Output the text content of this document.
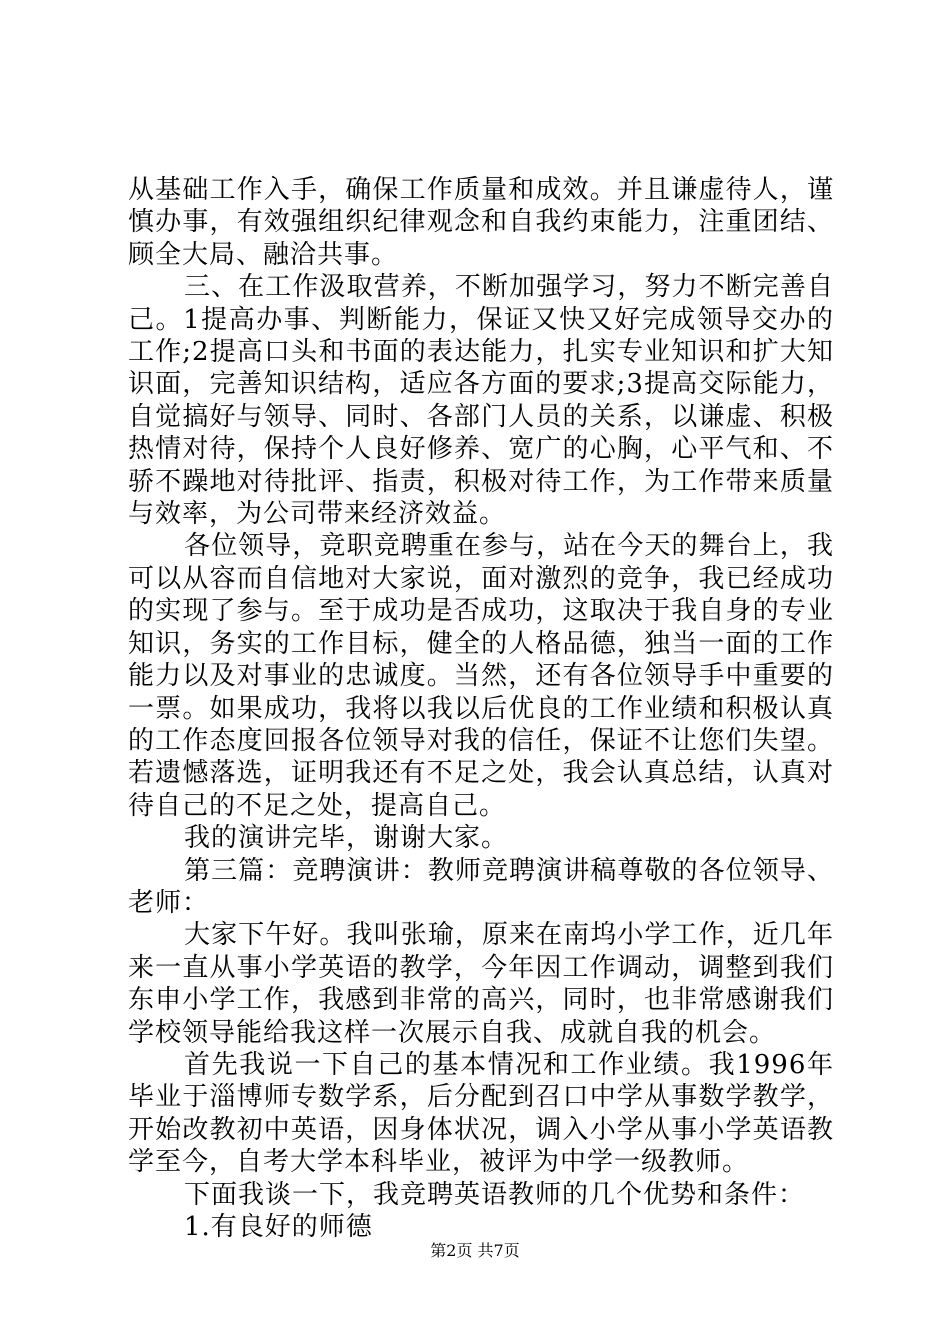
从基础工作入手，确保工作质量和成效。并且谦虚待人，谨慎办事，有效强组织纪律观念和自我约束能力，注重团结、顾全大局、融洽共事。

三、在工作汲取营养，不断加强学习，努力不断完善自己。1提高办事、判断能力，保证又快又好完成领导交办的工作;2提高口头和书面的表达能力，扎实专业知识和扩大知识面，完善知识结构，适应各方面的要求;3提高交际能力，自觉搞好与领导、同时、各部门人员的关系，以谦虚、积极热情对待，保持个人良好修养、宽广的心胸，心平气和、不骄不躁地对待批评、指责，积极对待工作，为工作带来质量与效率，为公司带来经济效益。

各位领导，竞职竞聘重在参与，站在今天的舞台上，我可以从容而自信地对大家说，面对激烈的竞争，我已经成功的实现了参与。至于成功是否成功，这取决于我自身的专业知识，务实的工作目标，健全的人格品德，独当一面的工作能力以及对事业的忠诚度。当然，还有各位领导手中重要的一票。如果成功，我将以我以后优良的工作业绩和积极认真的工作态度回报各位领导对我的信任，保证不让您们失望。若遗憾落选，证明我还有不足之处，我会认真总结，认真对待自己的不足之处，提高自己。

我的演讲完毕，谢谢大家。

第三篇：竞聘演讲：教师竞聘演讲稿尊敬的各位领导、老师：

大家下午好。我叫张瑜，原来在南坞小学工作，近几年来一直从事小学英语的教学，今年因工作调动，调整到我们东申小学工作，我感到非常的高兴，同时，也非常感谢我们学校领导能给我这样一次展示自我、成就自我的机会。

首先我说一下自己的基本情况和工作业绩。我1996年毕业于淄博师专数学系，后分配到召口中学从事数学教学，开始改教初中英语，因身体状况，调入小学从事小学英语教学至今，自考大学本科毕业，被评为中学一级教师。

下面我谈一下，我竞聘英语教师的几个优势和条件：

1.有良好的师德

第2页 共7页
